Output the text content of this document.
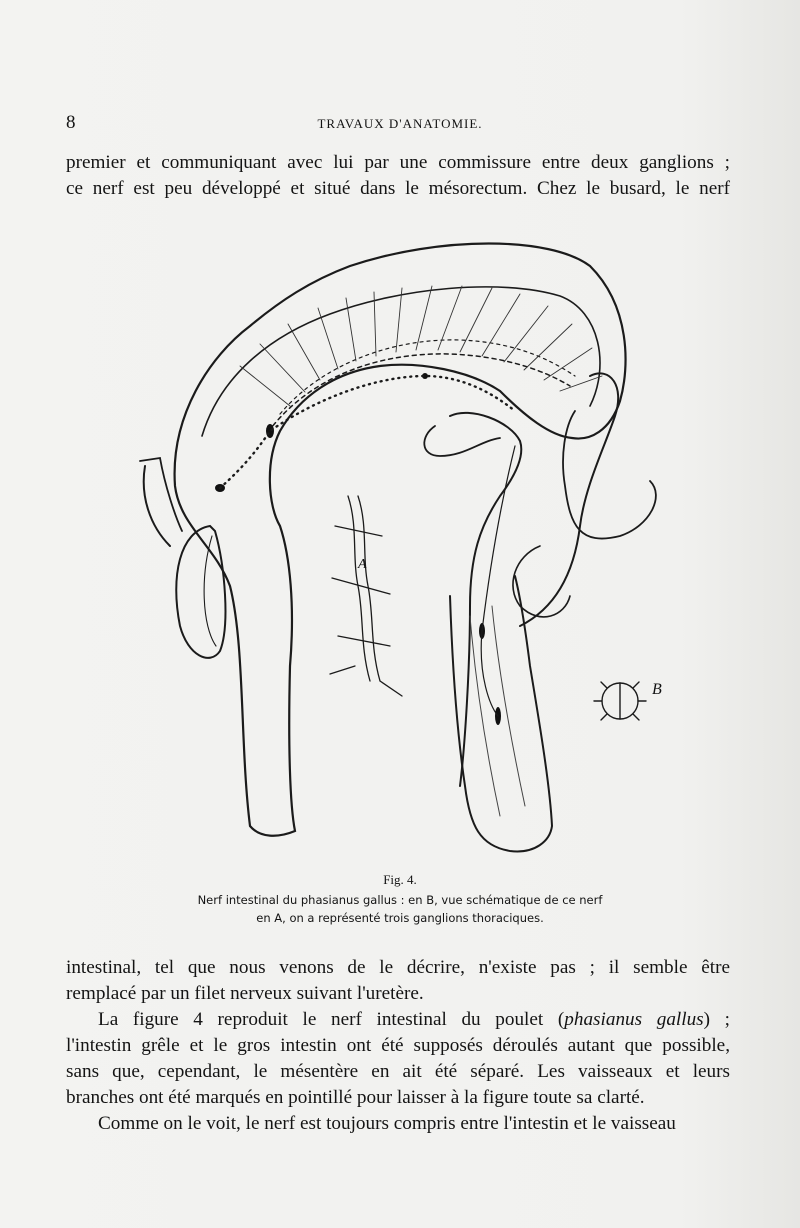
8	TRAVAUX D'ANATOMIE.
premier et communiquant avec lui par une commissure entre deux ganglions ;
ce nerf est peu développé et situé dans le mésorectum. Chez le busard, le nerf
A
B
Fig. 4.
Nerf intestinal du phasianus gallus : en B, vue schématique de ce nerf
en A, on a représenté trois ganglions thoraciques.
intestinal, tel que nous venons de le décrire, n'existe pas ; il semble être
remplacé par un filet nerveux suivant l'uretère.
La figure 4 reproduit le nerf intestinal du poulet (phasianus gallus) ;
l'intestin grêle et le gros intestin ont été supposés déroulés autant que possible,
sans que, cependant, le mésentère en ait été séparé. Les vaisseaux et leurs
branches ont été marqués en pointillé pour laisser à la figure toute sa clarté.
Comme on le voit, le nerf est toujours compris entre l'intestin et le vaisseau
